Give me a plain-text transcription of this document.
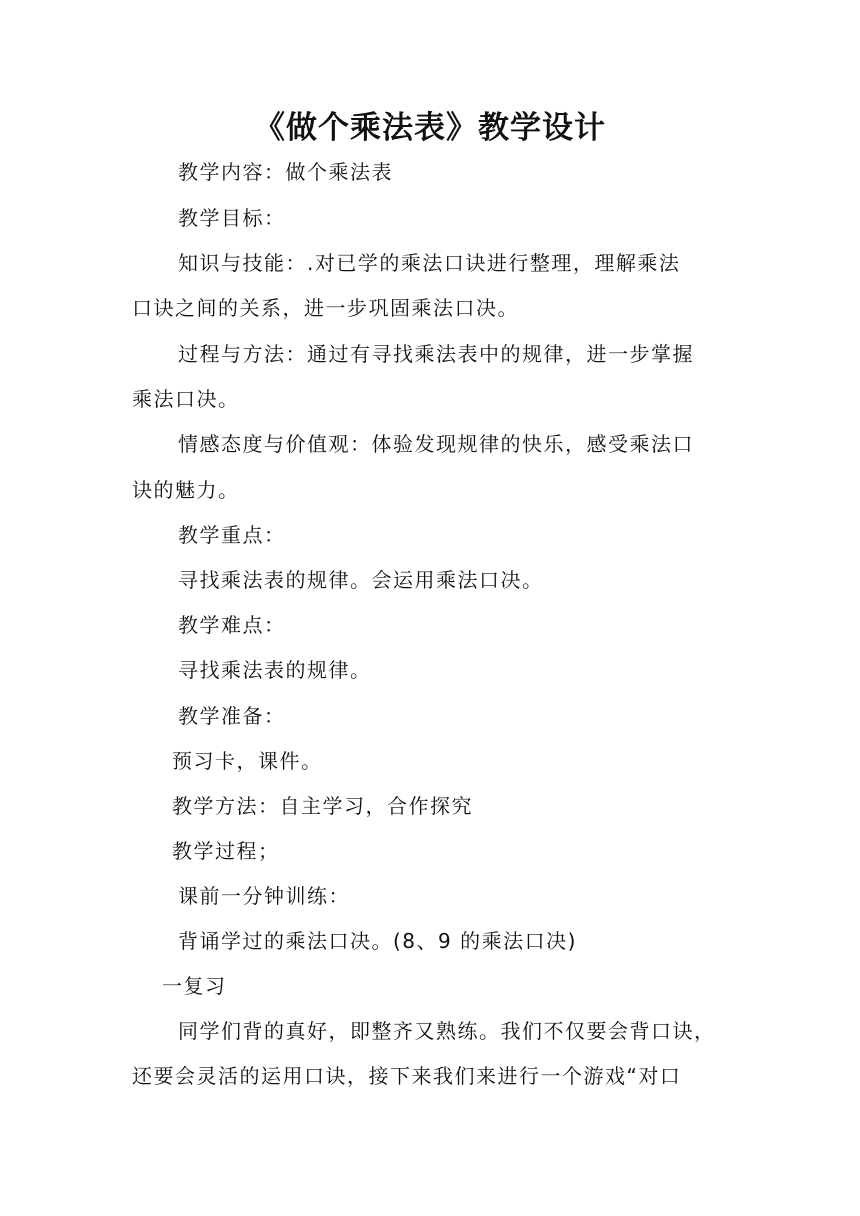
《做个乘法表》教学设计
教学内容：做个乘法表
教学目标：
知识与技能：.对已学的乘法口诀进行整理，理解乘法
口诀之间的关系，进一步巩固乘法口决。
过程与方法：通过有寻找乘法表中的规律，进一步掌握
乘法口决。
情感态度与价值观：体验发现规律的快乐，感受乘法口
诀的魅力。
教学重点：
寻找乘法表的规律。会运用乘法口决。
教学难点：
寻找乘法表的规律。
教学准备：
预习卡，课件。
教学方法：自主学习，合作探究
教学过程；
课前一分钟训练：
背诵学过的乘法口决。(8、9 的乘法口决)
一复习
同学们背的真好，即整齐又熟练。我们不仅要会背口诀，
还要会灵活的运用口诀，接下来我们来进行一个游戏“对口
